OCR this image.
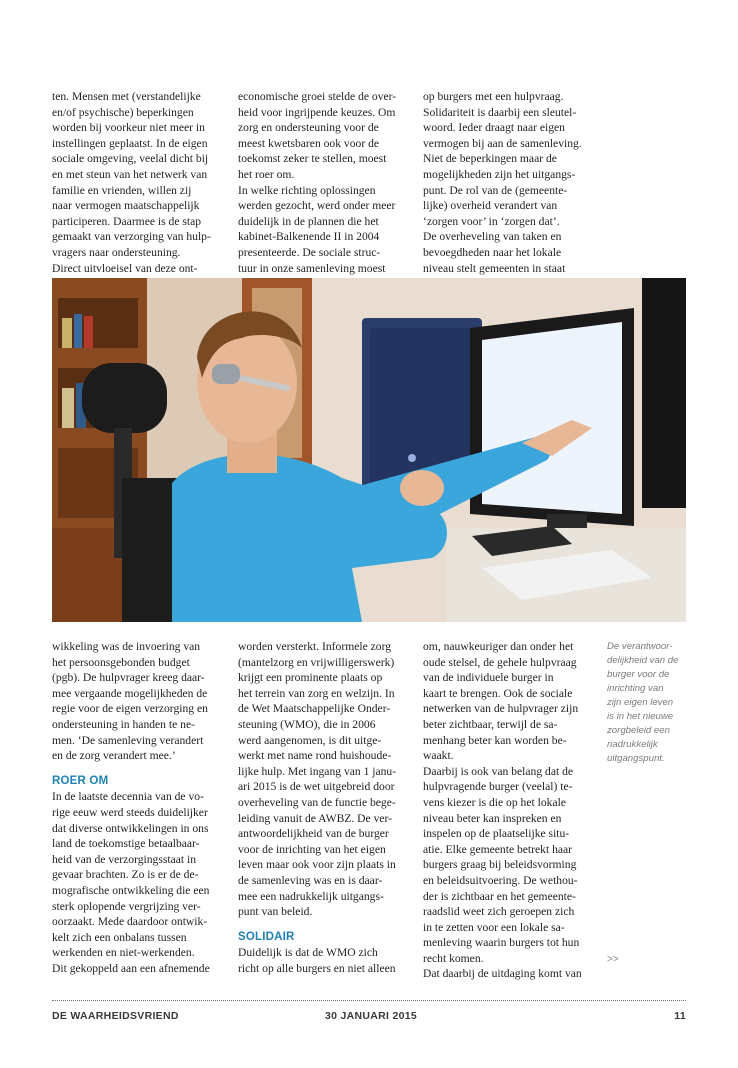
ten. Mensen met (verstandelijke
en/of psychische) beperkingen
worden bij voorkeur niet meer in
instellingen geplaatst. In de eigen
sociale omgeving, veelal dicht bij
en met steun van het netwerk van
familie en vrienden, willen zij
naar vermogen maatschappelijk
participeren. Daarmee is de stap
gemaakt van verzorging van hulp-
vragers naar ondersteuning.
Direct uitvloeisel van deze ont-
economische groei stelde de over-
heid voor ingrijpende keuzes. Om
zorg en ondersteuning voor de
meest kwetsbaren ook voor de
toekomst zeker te stellen, moest
het roer om.
In welke richting oplossingen
werden gezocht, werd onder meer
duidelijk in de plannen die het
kabinet-Balkenende II in 2004
presenteerde. De sociale struc-
tuur in onze samenleving moest
op burgers met een hulpvraag.
Solidariteit is daarbij een sleutel-
woord. Ieder draagt naar eigen
vermogen bij aan de samenleving.
Niet de beperkingen maar de
mogelijkheden zijn het uitgangs-
punt. De rol van de (gemeente-
lijke) overheid verandert van
‘zorgen voor’ in ‘zorgen dat’.
De overheveling van taken en
bevoegdheden naar het lokale
niveau stelt gemeenten in staat
wikkeling was de invoering van
het persoonsgebonden budget
(pgb). De hulpvrager kreeg daar-
mee vergaande mogelijkheden de
regie voor de eigen verzorging en
ondersteuning in handen te ne-
men. ‘De samenleving verandert
en de zorg verandert mee.’
ROER OM
In de laatste decennia van de vo-
rige eeuw werd steeds duidelijker
dat diverse ontwikkelingen in ons
land de toekomstige betaalbaar-
heid van de verzorgingsstaat in
gevaar brachten. Zo is er de de-
mografische ontwikkeling die een
sterk oplopende vergrijzing ver-
oorzaakt. Mede daardoor ontwik-
kelt zich een onbalans tussen
werkenden en niet-werkenden.
Dit gekoppeld aan een afnemende
worden versterkt. Informele zorg
(mantelzorg en vrijwilligerswerk)
krijgt een prominente plaats op
het terrein van zorg en welzijn. In
de Wet Maatschappelijke Onder-
steuning (WMO), die in 2006
werd aangenomen, is dit uitge-
werkt met name rond huishoude-
lijke hulp. Met ingang van 1 janu-
ari 2015 is de wet uitgebreid door
overheveling van de functie bege-
leiding vanuit de AWBZ. De ver-
antwoordelijkheid van de burger
voor de inrichting van het eigen
leven maar ook voor zijn plaats in
de samenleving was en is daar-
mee een nadrukkelijk uitgangs-
punt van beleid.
SOLIDAIR
Duidelijk is dat de WMO zich
richt op alle burgers en niet alleen
om, nauwkeuriger dan onder het
oude stelsel, de gehele hulpvraag
van de individuele burger in
kaart te brengen. Ook de sociale
netwerken van de hulpvrager zijn
beter zichtbaar, terwijl de sa-
menhang beter kan worden be-
waakt.
Daarbij is ook van belang dat de
hulpvragende burger (veelal) te-
vens kiezer is die op het lokale
niveau beter kan inspreken en
inspelen op de plaatselijke situ-
atie. Elke gemeente betrekt haar
burgers graag bij beleidsvorming
en beleidsuitvoering. De wethou-
der is zichtbaar en het gemeente-
raadslid weet zich geroepen zich
in te zetten voor een lokale sa-
menleving waarin burgers tot hun
recht komen.
Dat daarbij de uitdaging komt van
De verantwoor-
delijkheid van de
burger voor de
inrichting van
zijn eigen leven
is in het nieuwe
zorgbeleid een
nadrukkelijk
uitgangspunt.
>>
DE WAARHEIDSVRIEND	30 JANUARI 2015	11
